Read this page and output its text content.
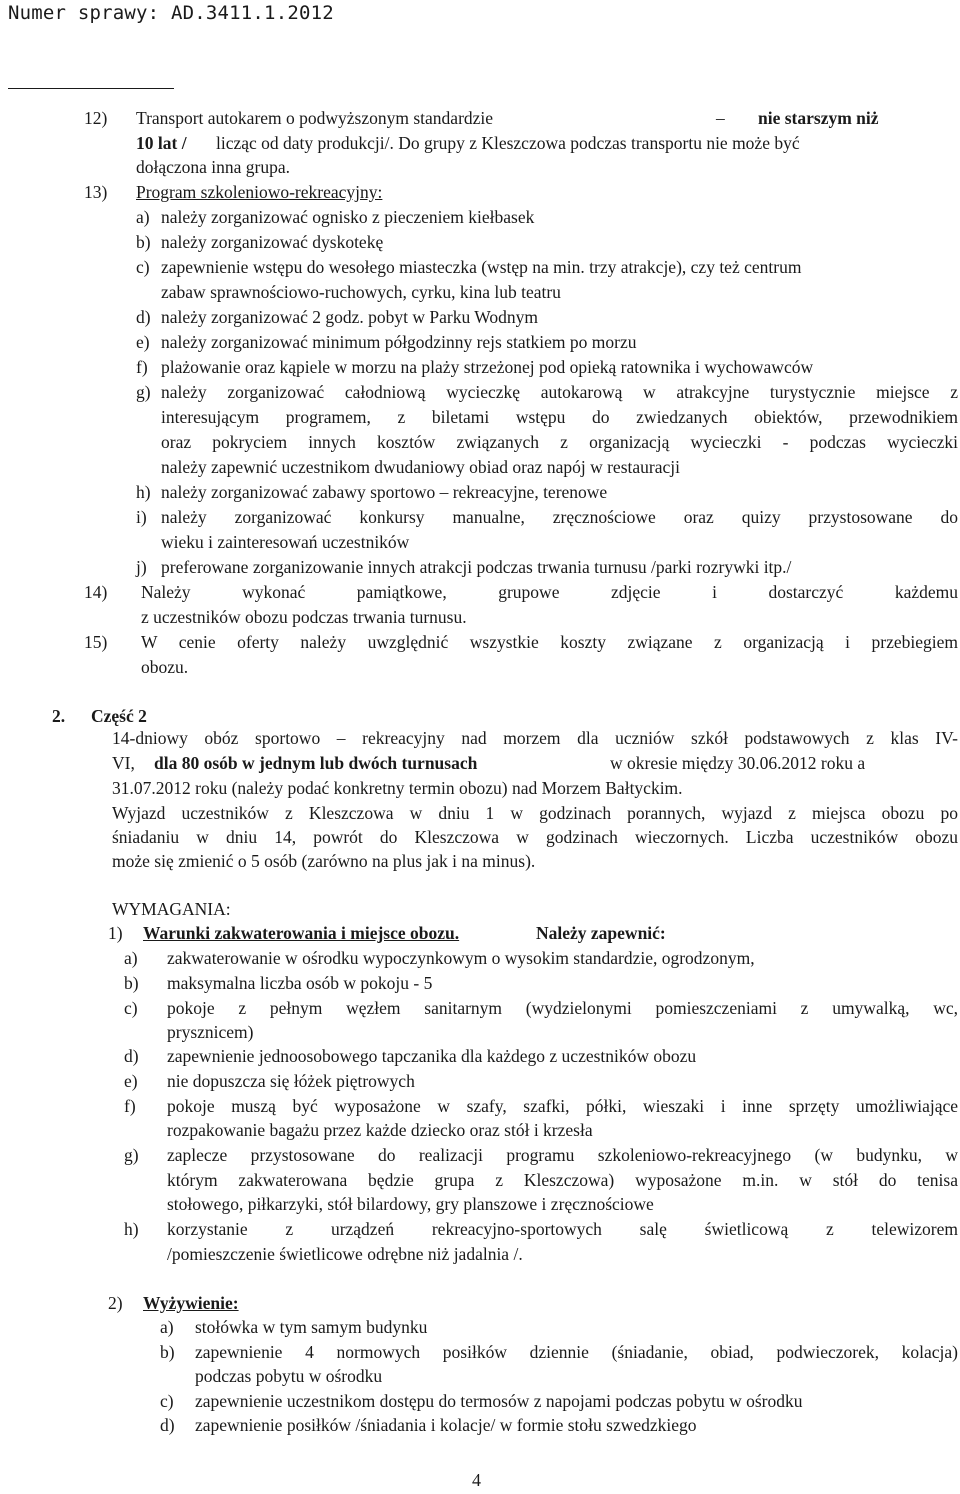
Numer sprawy: AD.3411.1.2012
12) Transport autokarem o podwyższonym standardzie	– nie starszym niż
10 lat / licząc od daty produkcji/. Do grupy z Kleszczowa podczas transportu nie może być
dołączona inna grupa.
13) Program szkoleniowo-rekreacyjny:
a) należy zorganizować ognisko z pieczeniem kiełbasek
b) należy zorganizować dyskotekę
c) zapewnienie wstępu do wesołego miasteczka (wstęp na min. trzy atrakcje), czy też centrum
zabaw sprawnościowo-ruchowych, cyrku, kina lub teatru
d) należy zorganizować 2 godz. pobyt w Parku Wodnym
e) należy zorganizować minimum półgodzinny rejs statkiem po morzu
f) plażowanie oraz kąpiele w morzu na plaży strzeżonej pod opieką ratownika i wychowawców
g) należy zorganizować całodniową wycieczkę autokarową w atrakcyjne turystycznie miejsce z
interesującym programem, z biletami wstępu do zwiedzanych obiektów, przewodnikiem
oraz pokryciem innych kosztów związanych z organizacją wycieczki - podczas wycieczki
należy zapewnić uczestnikom dwudaniowy obiad oraz napój w restauracji
h) należy zorganizować zabawy sportowo – rekreacyjne, terenowe
i) należy zorganizować konkursy manualne, zręcznościowe oraz quizy przystosowane do
wieku i zainteresowań uczestników
j) preferowane zorganizowanie innych atrakcji podczas trwania turnusu /parki rozrywki itp./
14) Należy wykonać pamiątkowe, grupowe zdjęcie i dostarczyć każdemu
z uczestników obozu podczas trwania turnusu.
15) W cenie oferty należy uwzględnić wszystkie koszty związane z organizacją i przebiegiem
obozu.
2. Część 2
14-dniowy obóz sportowo – rekreacyjny nad morzem dla uczniów szkół podstawowych z klas IV-
VI, dla 80 osób w jednym lub dwóch turnusach	w okresie między 30.06.2012 roku a
31.07.2012 roku (należy podać konkretny termin obozu) nad Morzem Bałtyckim.
Wyjazd uczestników z Kleszczowa w dniu 1 w godzinach porannych, wyjazd z miejsca obozu po
śniadaniu w dniu 14, powrót do Kleszczowa w godzinach wieczornych. Liczba uczestników obozu
może się zmienić o 5 osób (zarówno na plus jak i na minus).
WYMAGANIA:
1) Warunki zakwaterowania i miejsce obozu.	Należy zapewnić:
a) zakwaterowanie w ośrodku wypoczynkowym o wysokim standardzie, ogrodzonym,
b) maksymalna liczba osób w pokoju - 5
c) pokoje z pełnym węzłem sanitarnym (wydzielonymi pomieszczeniami z umywalką, wc,
prysznicem)
d) zapewnienie jednoosobowego tapczanika dla każdego z uczestników obozu
e) nie dopuszcza się łóżek piętrowych
f) pokoje muszą być wyposażone w szafy, szafki, półki, wieszaki i inne sprzęty umożliwiające
rozpakowanie bagażu przez każde dziecko oraz stół i krzesła
g) zaplecze przystosowane do realizacji programu szkoleniowo-rekreacyjnego (w budynku, w
którym zakwaterowana będzie grupa z Kleszczowa) wyposażone m.in. w stół do tenisa
stołowego, piłkarzyki, stół bilardowy, gry planszowe i zręcznościowe
h) korzystanie z urządzeń rekreacyjno-sportowych salę świetlicową z telewizorem
/pomieszczenie świetlicowe odrębne niż jadalnia /.
2) Wyżywienie:
a) stołówka w tym samym budynku
b) zapewnienie 4 normowych posiłków dziennie (śniadanie, obiad, podwieczorek, kolacja)
podczas pobytu w ośrodku
c) zapewnienie uczestnikom dostępu do termosów z napojami podczas pobytu w ośrodku
d) zapewnienie posiłków /śniadania i kolacje/ w formie stołu szwedzkiego
4
